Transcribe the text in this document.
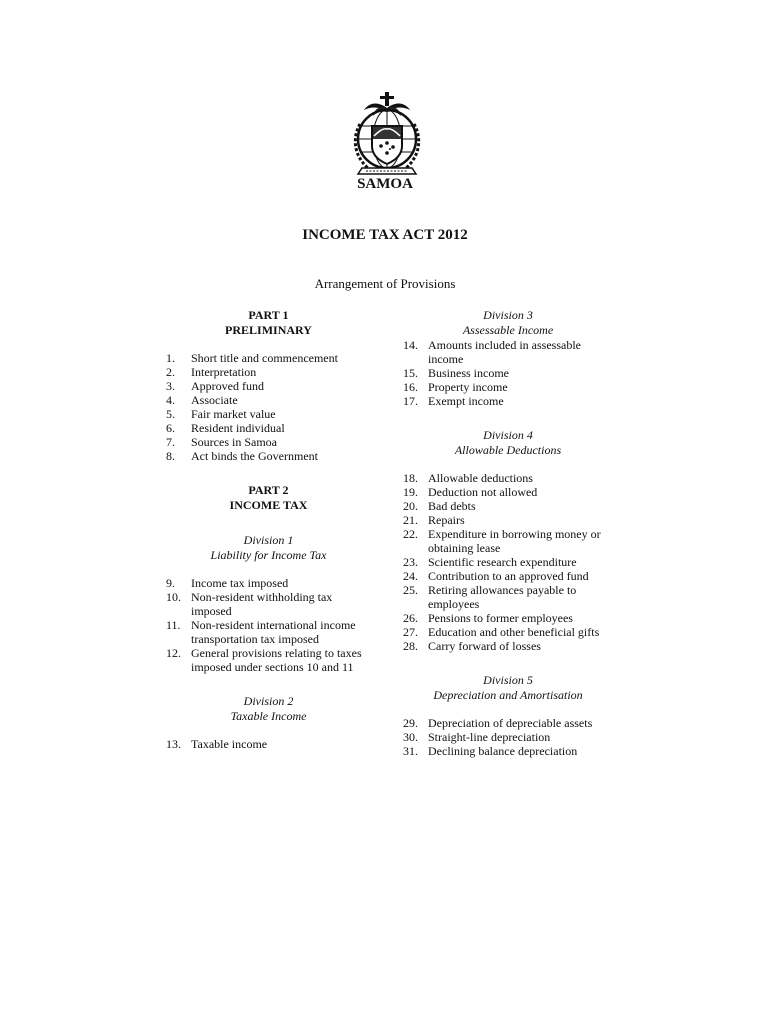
SAMOA
INCOME TAX ACT 2012
Arrangement of Provisions
PART 1
PRELIMINARY
1.	Short title and commencement
2.	Interpretation
3.	Approved fund
4.	Associate
5.	Fair market value
6.	Resident individual
7.	Sources in Samoa
8.	Act binds the Government
PART 2
INCOME TAX
Division 1
Liability for Income Tax
9.	Income tax imposed
10. Non-resident withholding tax imposed
11. Non-resident international income transportation tax imposed
12. General provisions relating to taxes imposed under sections 10 and 11
Division 2
Taxable Income
13. Taxable income
Division 3
Assessable Income
14. Amounts included in assessable income
15. Business income
16. Property income
17. Exempt income
Division 4
Allowable Deductions
18. Allowable deductions
19. Deduction not allowed
20. Bad debts
21. Repairs
22. Expenditure in borrowing money or obtaining lease
23. Scientific research expenditure
24. Contribution to an approved fund
25. Retiring allowances payable to employees
26. Pensions to former employees
27. Education and other beneficial gifts
28. Carry forward of losses
Division 5
Depreciation and Amortisation
29. Depreciation of depreciable assets
30. Straight-line depreciation
31. Declining balance depreciation
